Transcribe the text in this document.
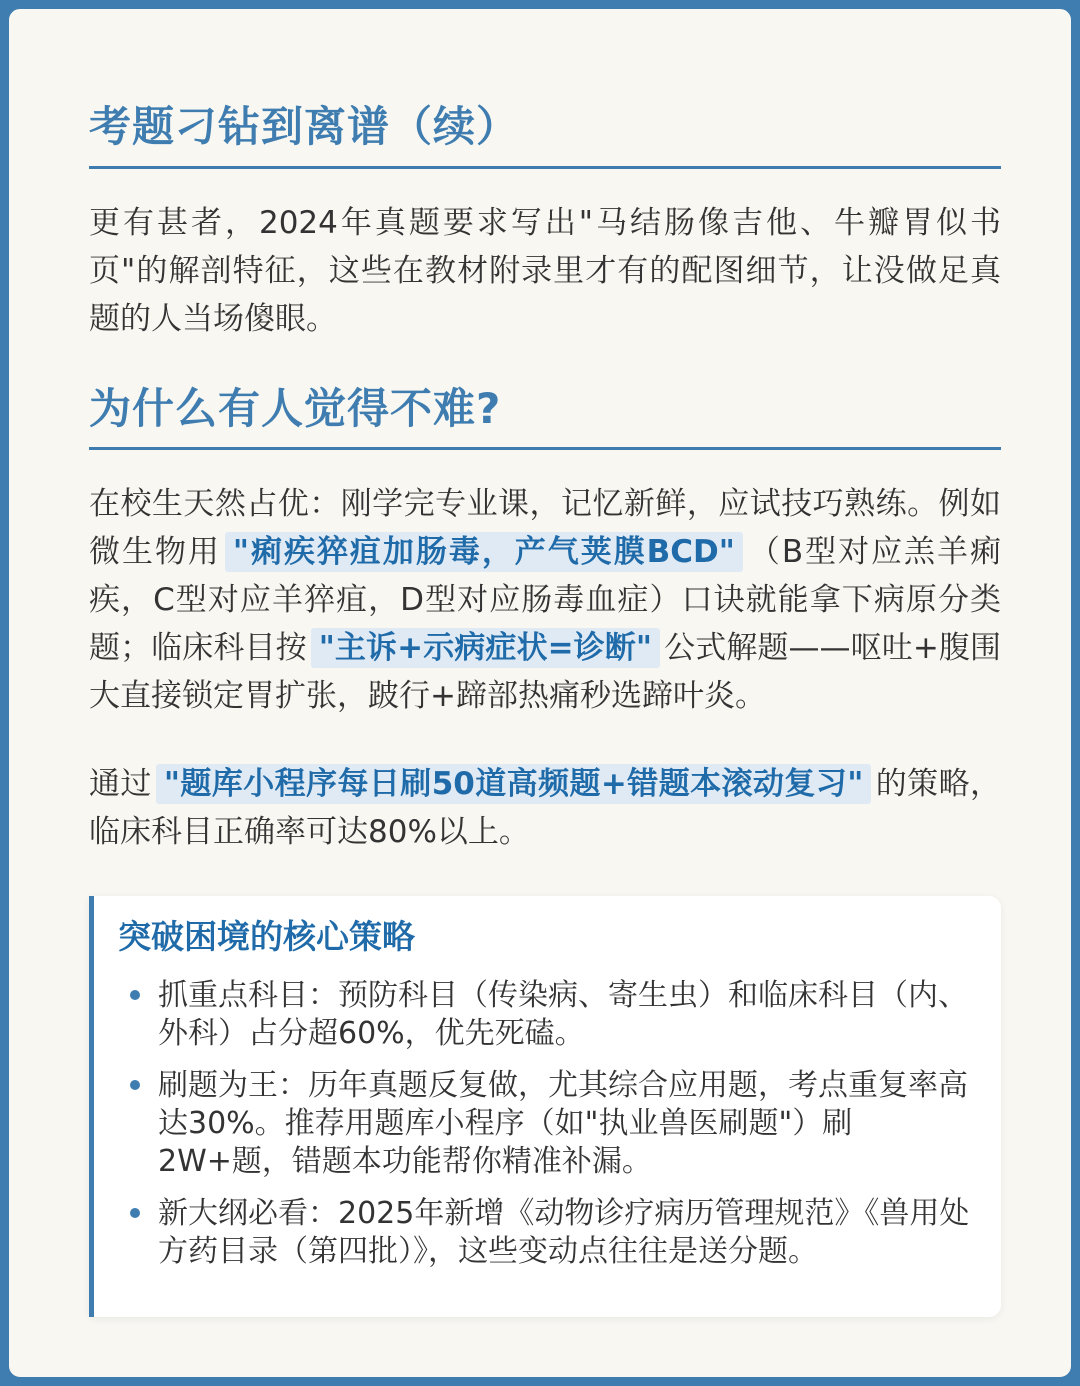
考题刁钻到离谱（续）

更有甚者，2024年真题要求写出"马结肠像吉他、牛瓣胃似书页"的解剖特征，这些在教材附录里才有的配图细节，让没做足真题的人当场傻眼。

为什么有人觉得不难?

在校生天然占优：刚学完专业课，记忆新鲜，应试技巧熟练。例如微生物用 "痢疾猝疽加肠毒，产气荚膜BCD" （B型对应羔羊痢疾，C型对应羊猝疽，D型对应肠毒血症）口诀就能拿下病原分类题；临床科目按 "主诉+示病症状=诊断" 公式解题——呕吐+腹围大直接锁定胃扩张，跛行+蹄部热痛秒选蹄叶炎。

通过 "题库小程序每日刷50道高频题+错题本滚动复习" 的策略，临床科目正确率可达80%以上。

突破困境的核心策略
抓重点科目：预防科目（传染病、寄生虫）和临床科目（内、外科）占分超60%，优先死磕。
刷题为王：历年真题反复做，尤其综合应用题，考点重复率高达30%。推荐用题库小程序（如"执业兽医刷题"）刷2W+题，错题本功能帮你精准补漏。
新大纲必看：2025年新增《动物诊疗病历管理规范》《兽用处方药目录（第四批）》，这些变动点往往是送分题。
